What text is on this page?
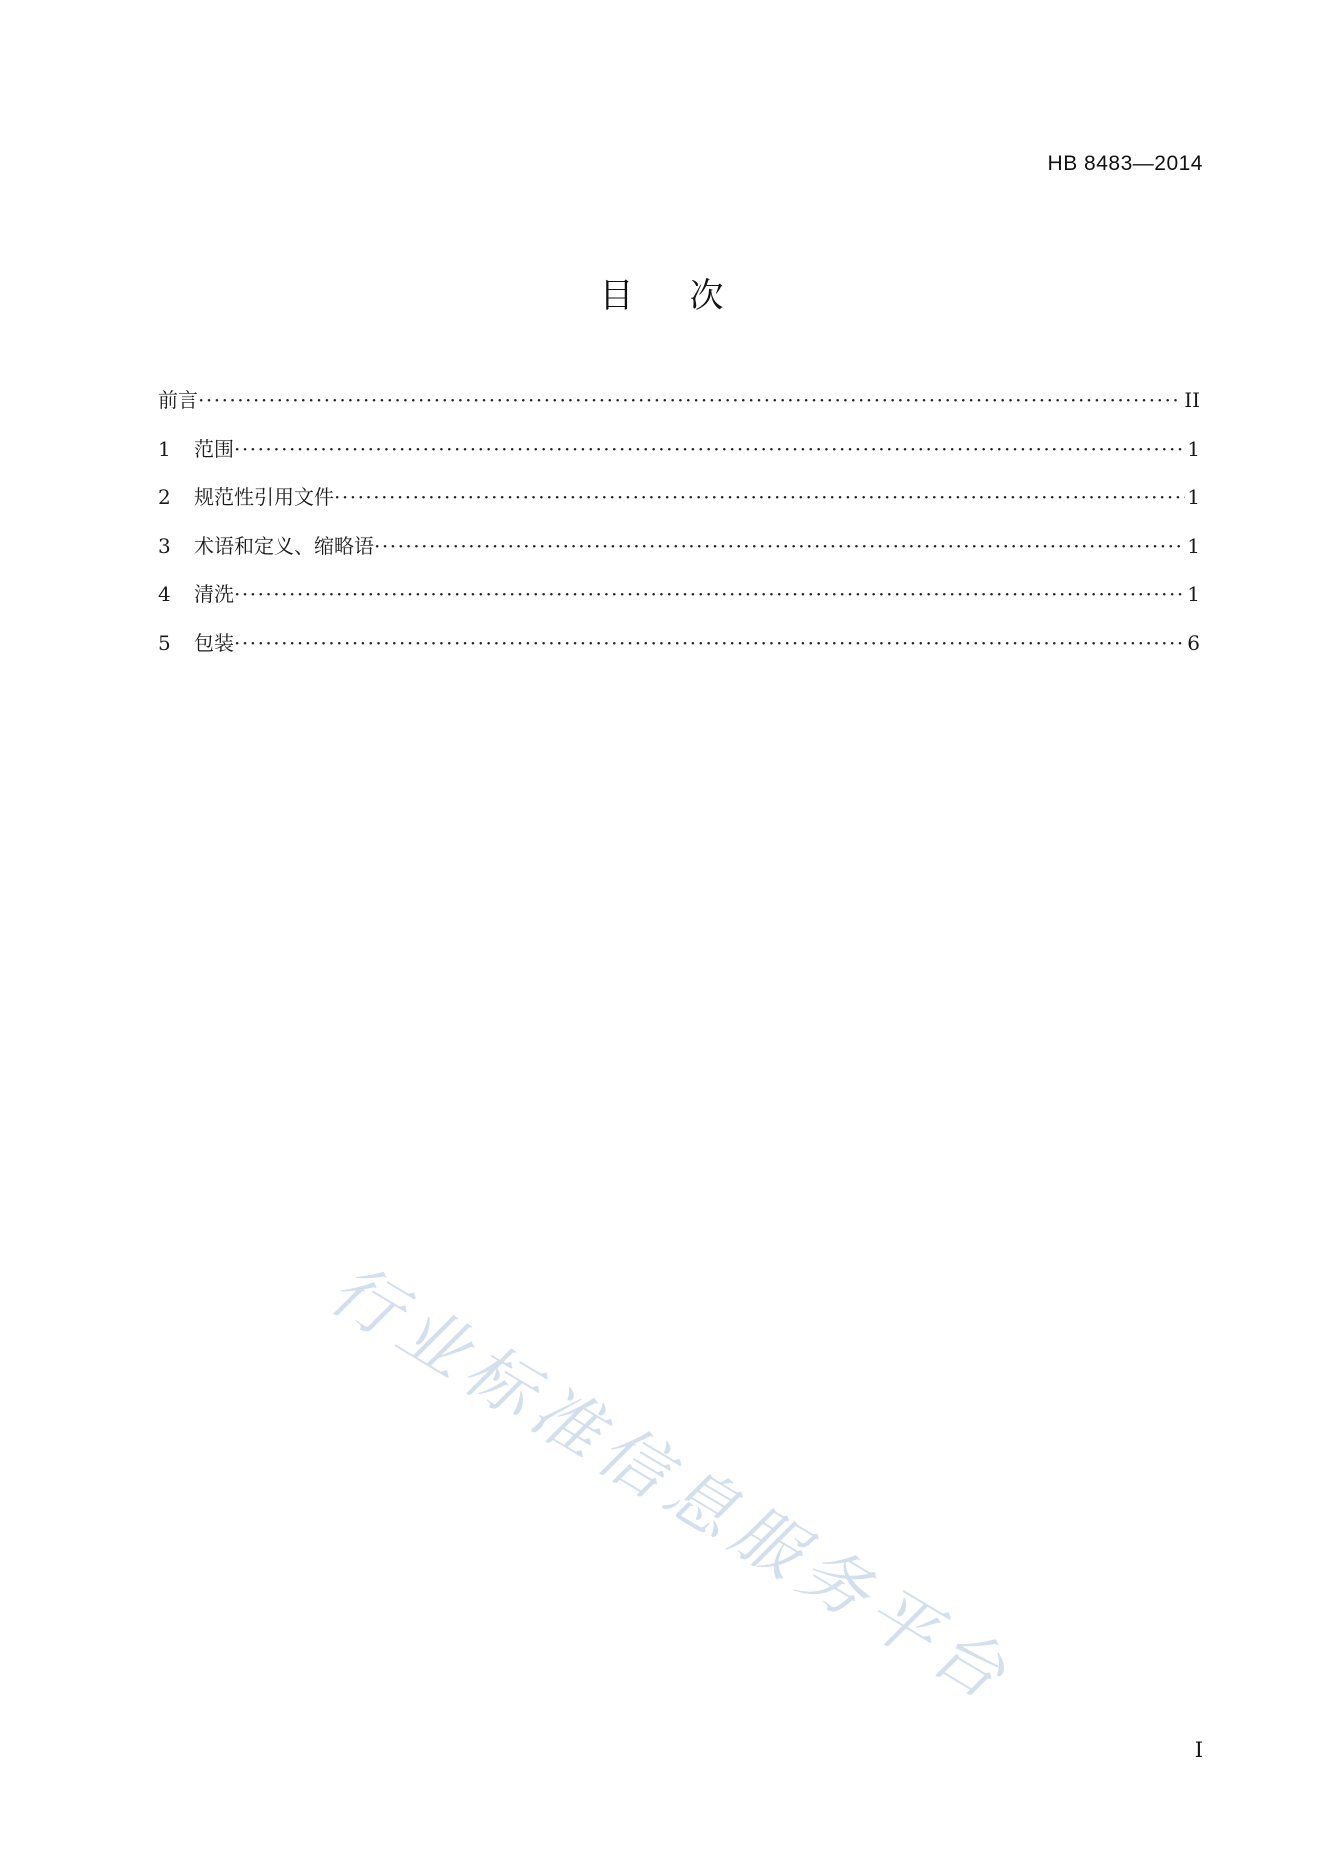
HB 8483—2014
目次
前言 ·····	II
1	范围 ·····	1
2	规范性引用文件 ·····	1
3	术语和定义、缩略语 ·····	1
4	清洗 ·····	1
5	包装 ·····	6
行业标准信息服务平台
I
